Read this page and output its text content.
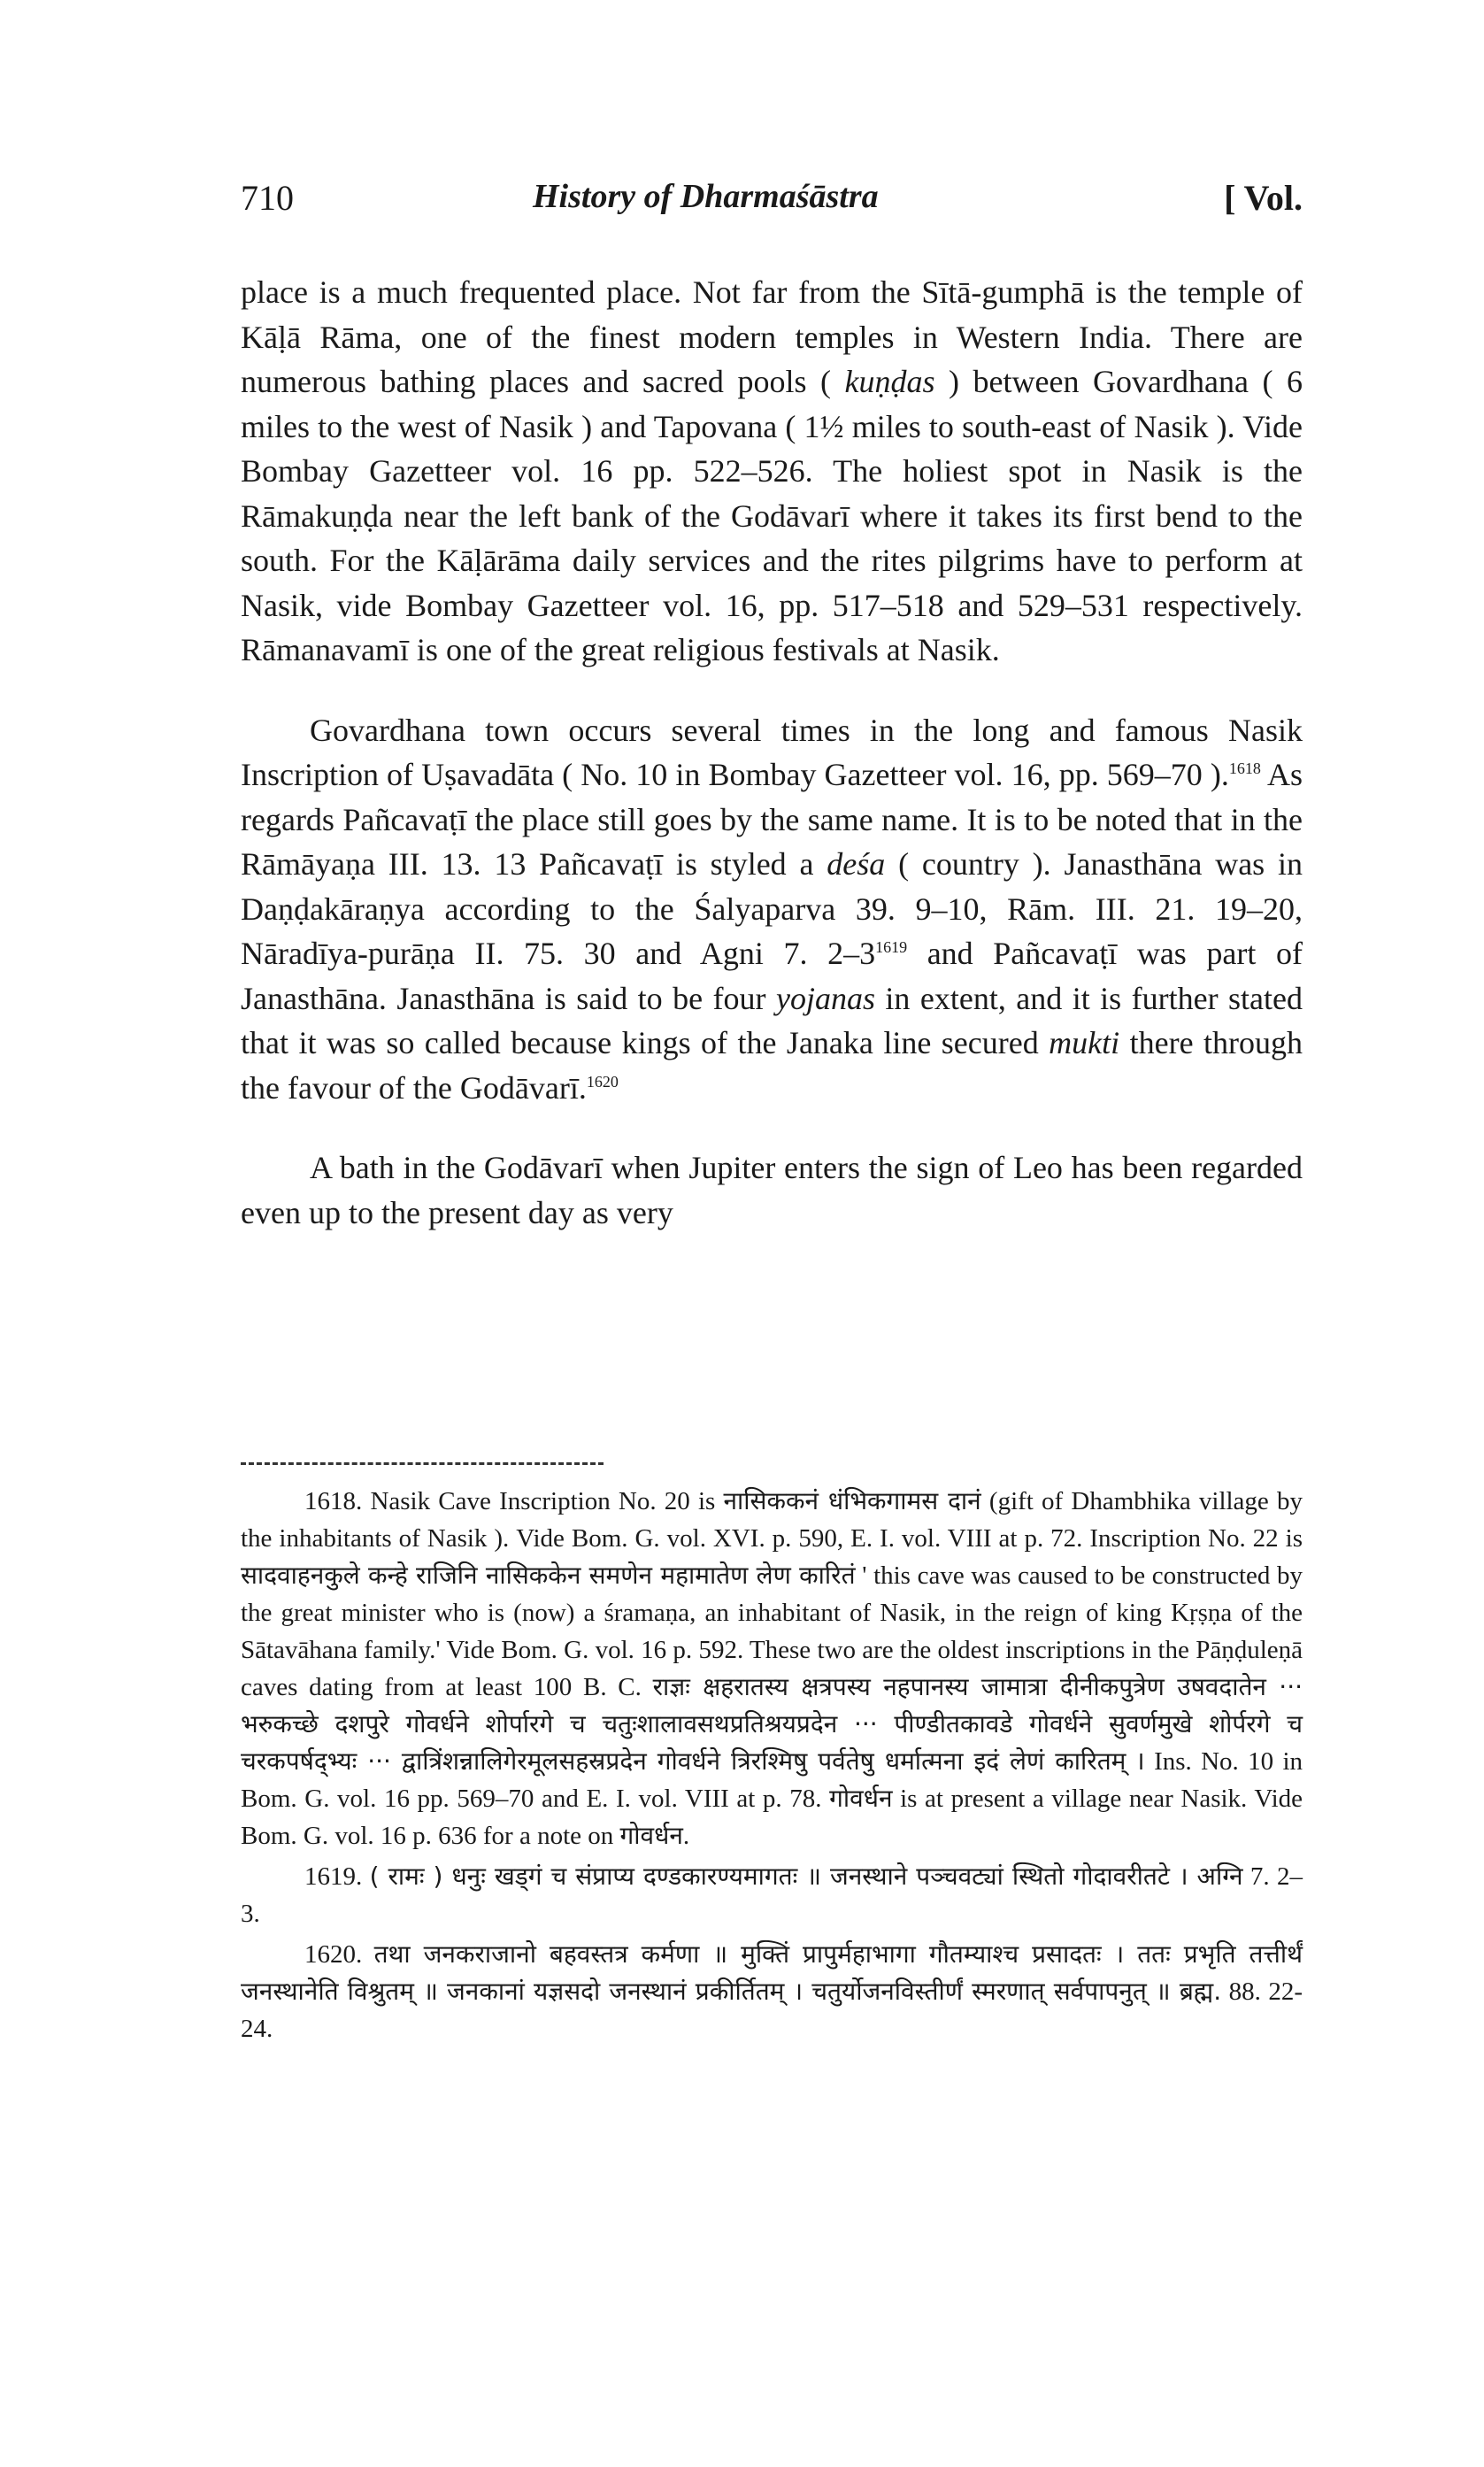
710	History of Dharmaśāstra	[ Vol.

place is a much frequented place. Not far from the Sītā-gumphā is the temple of Kāḷā Rāma, one of the finest modern temples in Western India. There are numerous bathing places and sacred pools ( kuṇḍas ) between Govardhana ( 6 miles to the west of Nasik ) and Tapovana ( 1½ miles to south-east of Nasik ). Vide Bombay Gazetteer vol. 16 pp. 522–526. The holiest spot in Nasik is the Rāmakuṇḍa near the left bank of the Godāvarī where it takes its first bend to the south. For the Kāḷārāma daily services and the rites pilgrims have to perform at Nasik, vide Bombay Gazetteer vol. 16, pp. 517–518 and 529–531 respectively. Rāmanavamī is one of the great religious festivals at Nasik.

Govardhana town occurs several times in the long and famous Nasik Inscription of Uṣavadāta ( No. 10 in Bombay Gazetteer vol. 16, pp. 569–70 ).$^{1618}$ As regards Pañcavaṭī the place still goes by the same name. It is to be noted that in the Rāmāyaṇa III. 13. 13 Pañcavaṭī is styled a deśa ( country ). Janasthāna was in Daṇḍakāraṇya according to the Śalyaparva 39. 9–10, Rām. III. 21. 19–20, Nāradīya-purāṇa II. 75. 30 and Agni 7. $2-3^{1619}$ and Pañcavaṭī was part of Janasthāna. Janasthāna is said to be four yojanas in extent, and it is further stated that it was so called because kings of the Janaka line secured mukti there through the favour of the Godāvarī.$^{1620}$

A bath in the Godāvarī when Jupiter enters the sign of Leo has been regarded even up to the present day as very

1618. Nasik Cave Inscription No. 20 is नासिककनं धंभिकगामस दानं (gift of Dhambhika village by the inhabitants of Nasik ). Vide Bom. G. vol. XVI. p. 590, E. I. vol. VIII at p. 72. Inscription No. 22 is सादवाहनकुले कन्हे राजिनि नासिककेन समणेन महामातेण लेण कारितं ' this cave was caused to be constructed by the great minister who is (now) a śramaṇa, an inhabitant of Nasik, in the reign of king Kṛṣṇa of the Sātavāhana family.' Vide Bom. G. vol. 16 p. 592. These two are the oldest inscriptions in the Pāṇḍuleṇā caves dating from at least 100 B. C. राज्ञः क्षहरातस्य क्षत्रपस्य नहपानस्य जामात्रा दीनीकपुत्रेण उषवदातेन ··· भरुकच्छे दशपुरे गोवर्धने शोर्पारगे च चतुःशालावसथप्रतिश्रयप्रदेन ··· पीण्डीतकावडे गोवर्धने सुवर्णमुखे शोर्परगे च चरकपर्षद्भ्यः ··· द्वात्रिंशन्नालिगेरमूलसहस्रप्रदेन गोवर्धने त्रिरश्मिषु पर्वतेषु धर्मात्मना इदं लेणं कारितम् । Ins. No. 10 in Bom. G. vol. 16 pp. 569–70 and E. I. vol. VIII at p. 78. गोवर्धन is at present a village near Nasik. Vide Bom. G. vol. 16 p. 636 for a note on गोवर्धन.

1619. ( रामः ) धनुः खड्गं च संप्राप्य दण्डकारण्यमागतः ॥ जनस्थाने पञ्चवट्यां स्थितो गोदावरीतटे । अग्नि 7. 2–3.

1620. तथा जनकराजानो बहवस्तत्र कर्मणा ॥ मुक्तिं प्रापुर्महाभागा गौतम्याश्च प्रसादतः । ततः प्रभृति तत्तीर्थं जनस्थानेति विश्रुतम् ॥ जनकानां यज्ञसदो जनस्थानं प्रकीर्तितम् । चतुर्योजनविस्तीर्णं स्मरणात् सर्वपापनुत् ॥ ब्रह्म. 88. 22-24.
